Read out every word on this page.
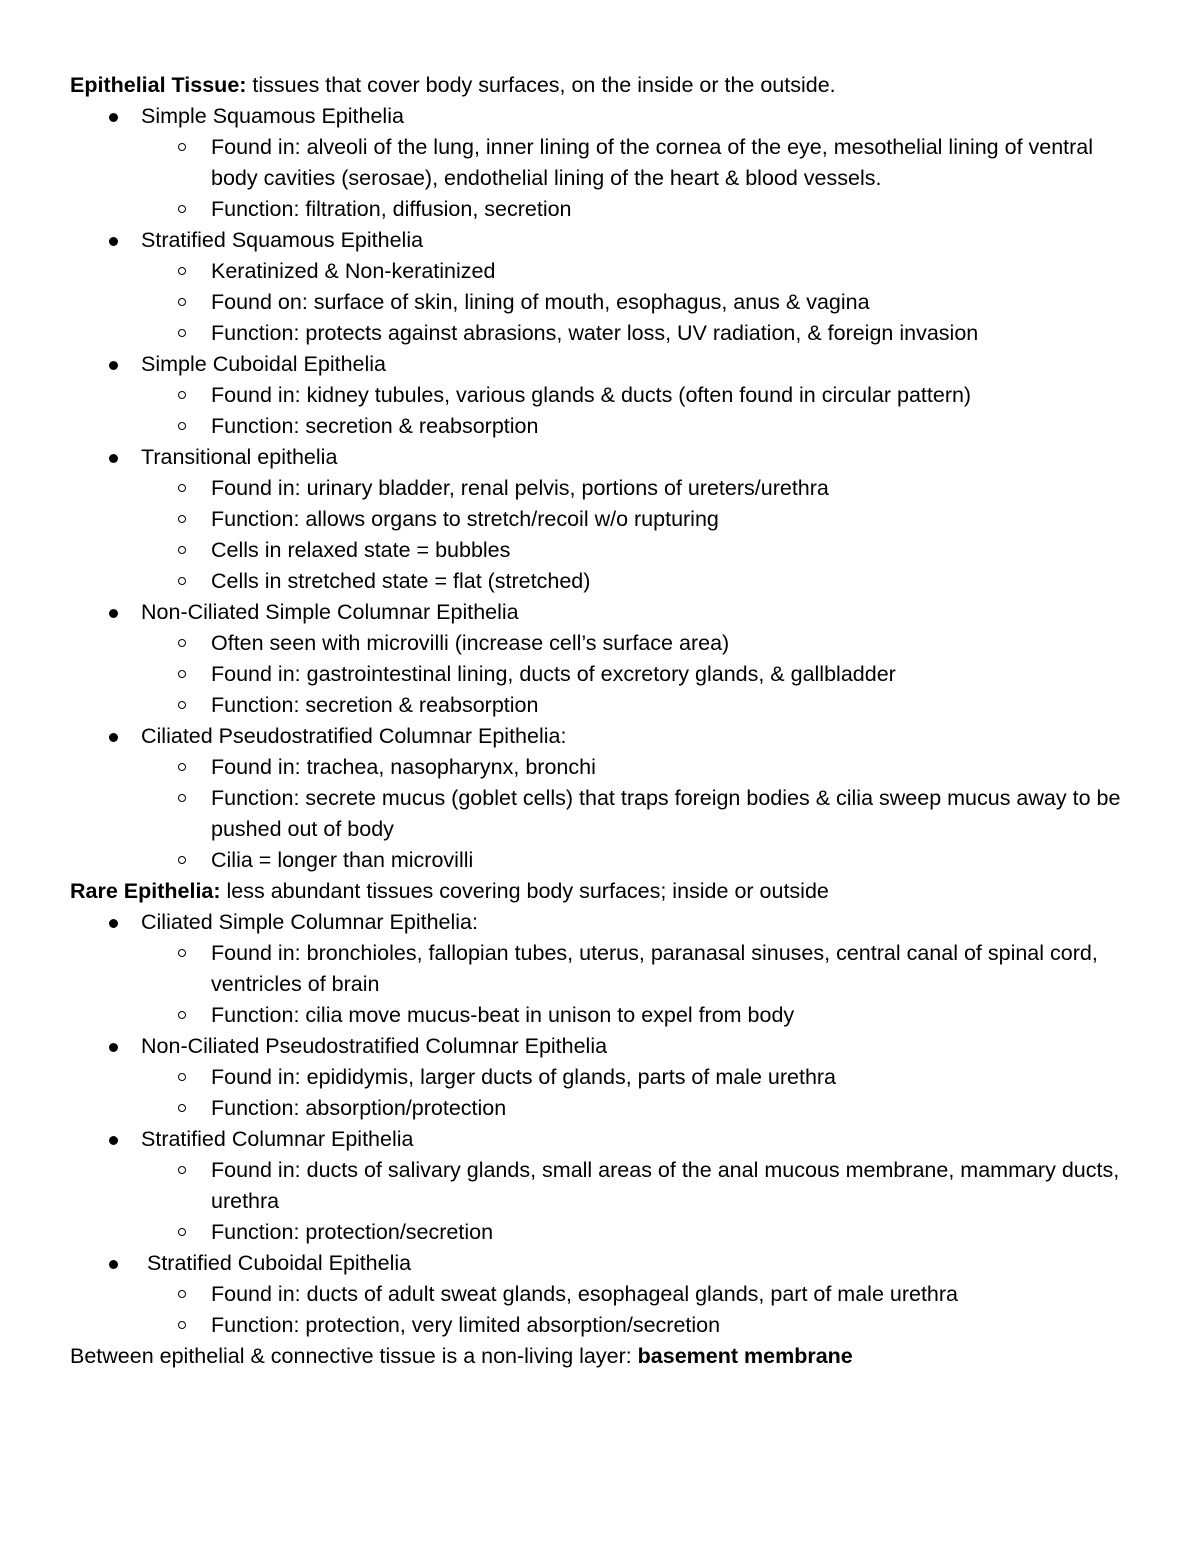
Epithelial Tissue: tissues that cover body surfaces, on the inside or the outside.

Simple Squamous Epithelia
Found in: alveoli of the lung, inner lining of the cornea of the eye, mesothelial lining of ventral body cavities (serosae), endothelial lining of the heart & blood vessels.
Function: filtration, diffusion, secretion
Stratified Squamous Epithelia
Keratinized & Non-keratinized
Found on: surface of skin, lining of mouth, esophagus, anus & vagina
Function: protects against abrasions, water loss, UV radiation, & foreign invasion
Simple Cuboidal Epithelia
Found in: kidney tubules, various glands & ducts (often found in circular pattern)
Function: secretion & reabsorption
Transitional epithelia
Found in: urinary bladder, renal pelvis, portions of ureters/urethra
Function: allows organs to stretch/recoil w/o rupturing
Cells in relaxed state = bubbles
Cells in stretched state = flat (stretched)
Non-Ciliated Simple Columnar Epithelia
Often seen with microvilli (increase cell’s surface area)
Found in: gastrointestinal lining, ducts of excretory glands, & gallbladder
Function: secretion & reabsorption
Ciliated Pseudostratified Columnar Epithelia:
Found in: trachea, nasopharynx, bronchi
Function: secrete mucus (goblet cells) that traps foreign bodies & cilia sweep mucus away to be pushed out of body
Cilia = longer than microvilli

Rare Epithelia: less abundant tissues covering body surfaces; inside or outside

Ciliated Simple Columnar Epithelia:
Found in: bronchioles, fallopian tubes, uterus, paranasal sinuses, central canal of spinal cord, ventricles of brain
Function: cilia move mucus-beat in unison to expel from body
Non-Ciliated Pseudostratified Columnar Epithelia
Found in: epididymis, larger ducts of glands, parts of male urethra
Function: absorption/protection
Stratified Columnar Epithelia
Found in: ducts of salivary glands, small areas of the anal mucous membrane, mammary ducts, urethra
Function: protection/secretion
Stratified Cuboidal Epithelia
Found in: ducts of adult sweat glands, esophageal glands, part of male urethra
Function: protection, very limited absorption/secretion

Between epithelial & connective tissue is a non-living layer: basement membrane
